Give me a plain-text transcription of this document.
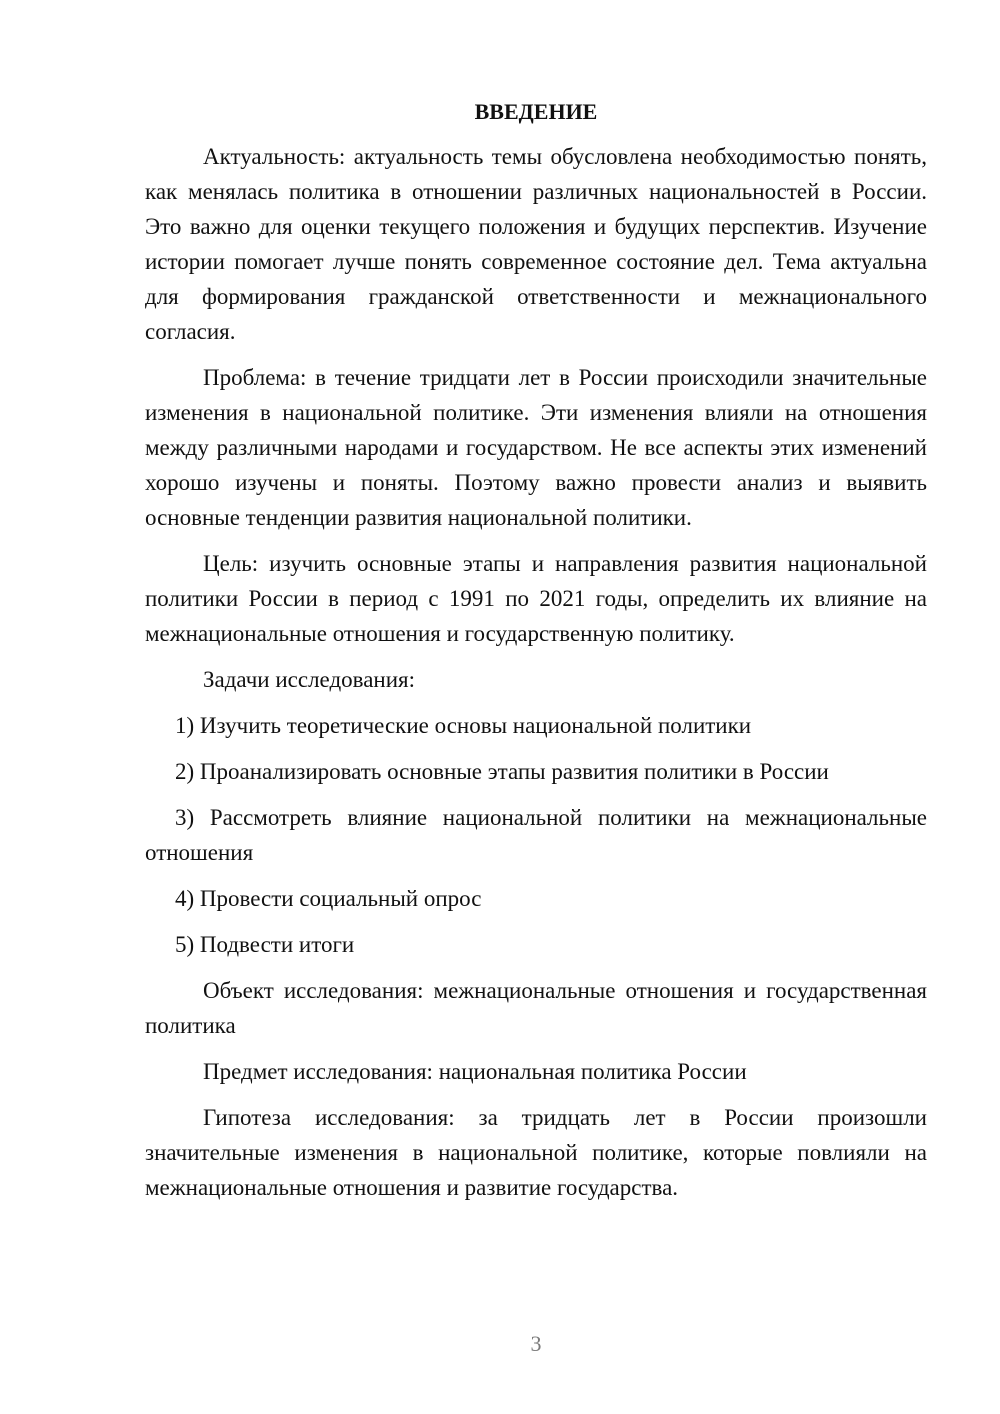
ВВЕДЕНИЕ

Актуальность: актуальность темы обусловлена необходимостью понять, как менялась политика в отношении различных национальностей в России. Это важно для оценки текущего положения и будущих перспектив. Изучение истории помогает лучше понять современное состояние дел. Тема актуальна для формирования гражданской ответственности и межнационального согласия.

Проблема: в течение тридцати лет в России происходили значительные изменения в национальной политике. Эти изменения влияли на отношения между различными народами и государством. Не все аспекты этих изменений хорошо изучены и поняты. Поэтому важно провести анализ и выявить основные тенденции развития национальной политики.

Цель: изучить основные этапы и направления развития национальной политики России в период с 1991 по 2021 годы, определить их влияние на межнациональные отношения и государственную политику.

Задачи исследования:

1) Изучить теоретические основы национальной политики

2) Проанализировать основные этапы развития политики в России

3) Рассмотреть влияние национальной политики на межнациональные отношения

4) Провести социальный опрос

5) Подвести итоги

Объект исследования: межнациональные отношения и государственная политика

Предмет исследования: национальная политика России

Гипотеза исследования: за тридцать лет в России произошли значительные изменения в национальной политике, которые повлияли на межнациональные отношения и развитие государства.

3
